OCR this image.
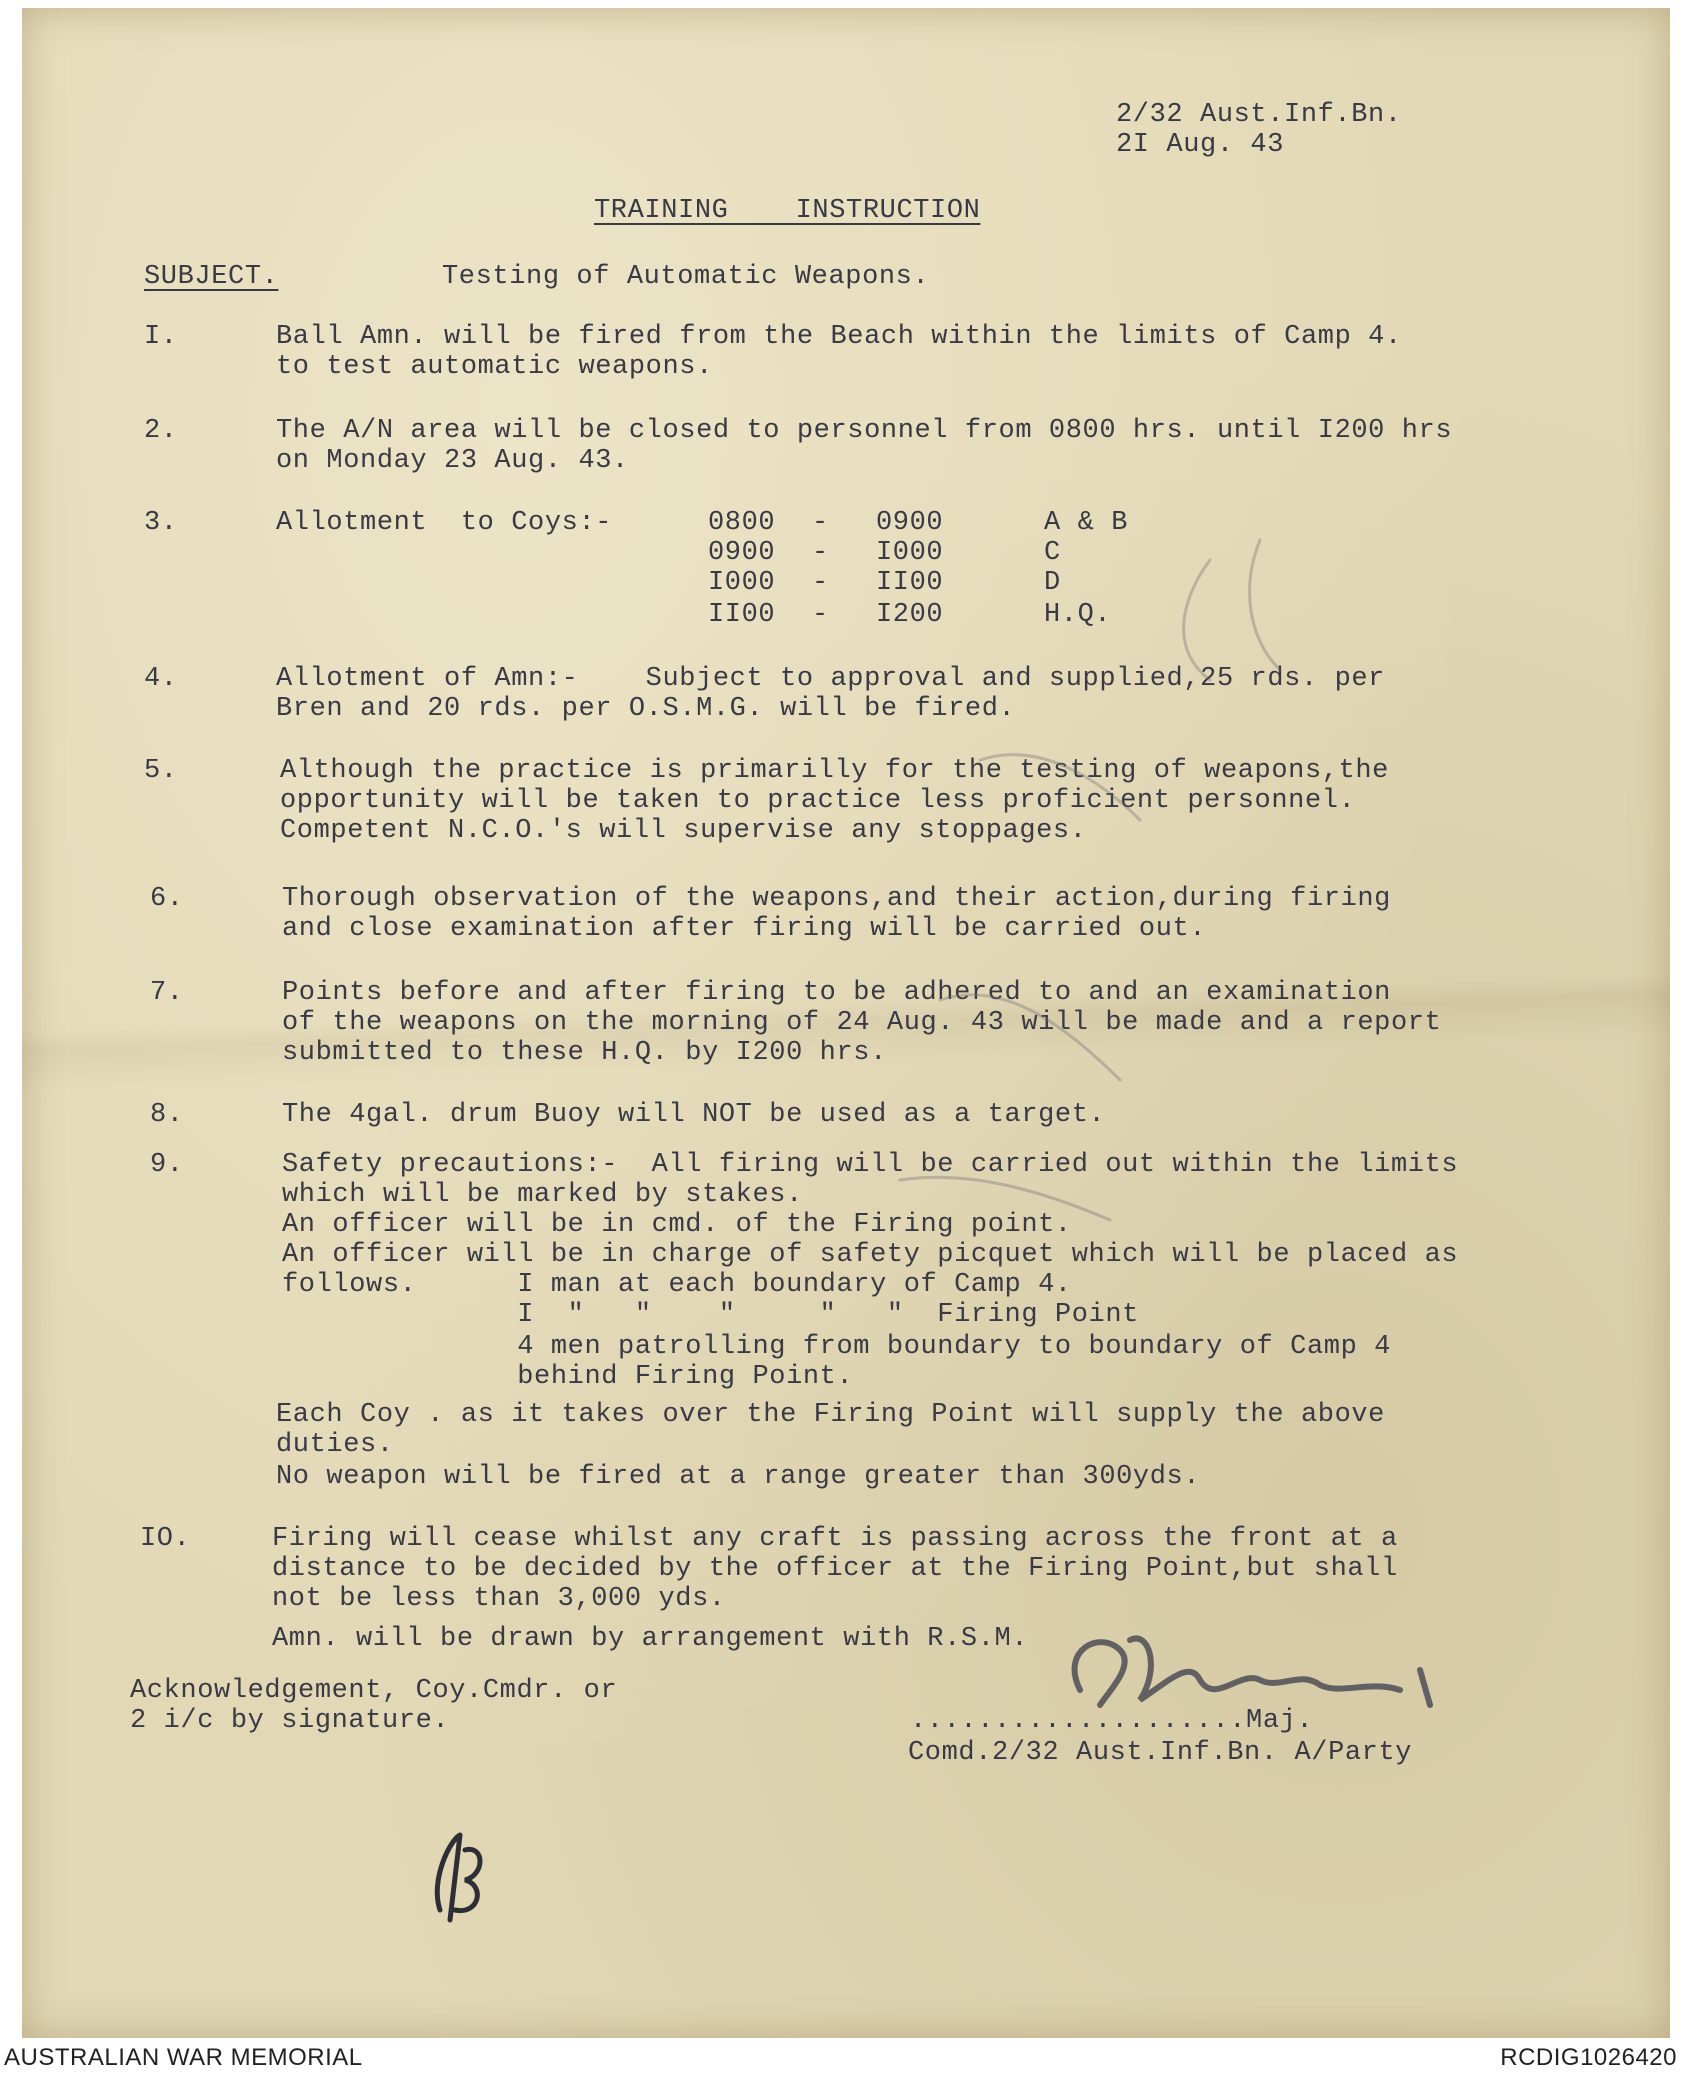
2/32 Aust.Inf.Bn.

2I Aug. 43

TRAINING    INSTRUCTION

SUBJECT.	Testing of Automatic Weapons.

I.	Ball Amn. will be fired from the Beach within the limits of Camp 4.

to test automatic weapons.

2.	The A/N area will be closed to personnel from 0800 hrs. until I200 hrs

on Monday 23 Aug. 43.

3.	Allotment  to Coys:-	0800 - 0900	A & B

0900 - I000	C

I000 - II00	D

II00 - I200	H.Q.

4.	Allotment of Amn:-    Subject to approval and supplied,25 rds. per

Bren and 20 rds. per O.S.M.G. will be fired.

5.	Although the practice is primarilly for the testing of weapons,the

opportunity will be taken to practice less proficient personnel.

Competent N.C.O.'s will supervise any stoppages.

6.	Thorough observation of the weapons,and their action,during firing

and close examination after firing will be carried out.

7.	Points before and after firing to be adhered to and an examination

of the weapons on the morning of 24 Aug. 43 will be made and a report

submitted to these H.Q. by I200 hrs.

8.	The 4gal. drum Buoy will NOT be used as a target.

9.	Safety precautions:-  All firing will be carried out within the limits

which will be marked by stakes.

An officer will be in cmd. of the Firing point.

An officer will be in charge of safety picquet which will be placed as

follows.      I man at each boundary of Camp 4.

I  "   "    "     "   "  Firing Point

4 men patrolling from boundary to boundary of Camp 4

behind Firing Point.

Each Coy . as it takes over the Firing Point will supply the above

duties.

No weapon will be fired at a range greater than 300yds.

IO.	Firing will cease whilst any craft is passing across the front at a

distance to be decided by the officer at the Firing Point,but shall

not be less than 3,000 yds.

Amn. will be drawn by arrangement with R.S.M.

Acknowledgement, Coy.Cmdr. or

2 i/c by signature.	....................Maj.

Comd.2/32 Aust.Inf.Bn. A/Party

AUSTRALIAN WAR MEMORIAL	RCDIG1026420
